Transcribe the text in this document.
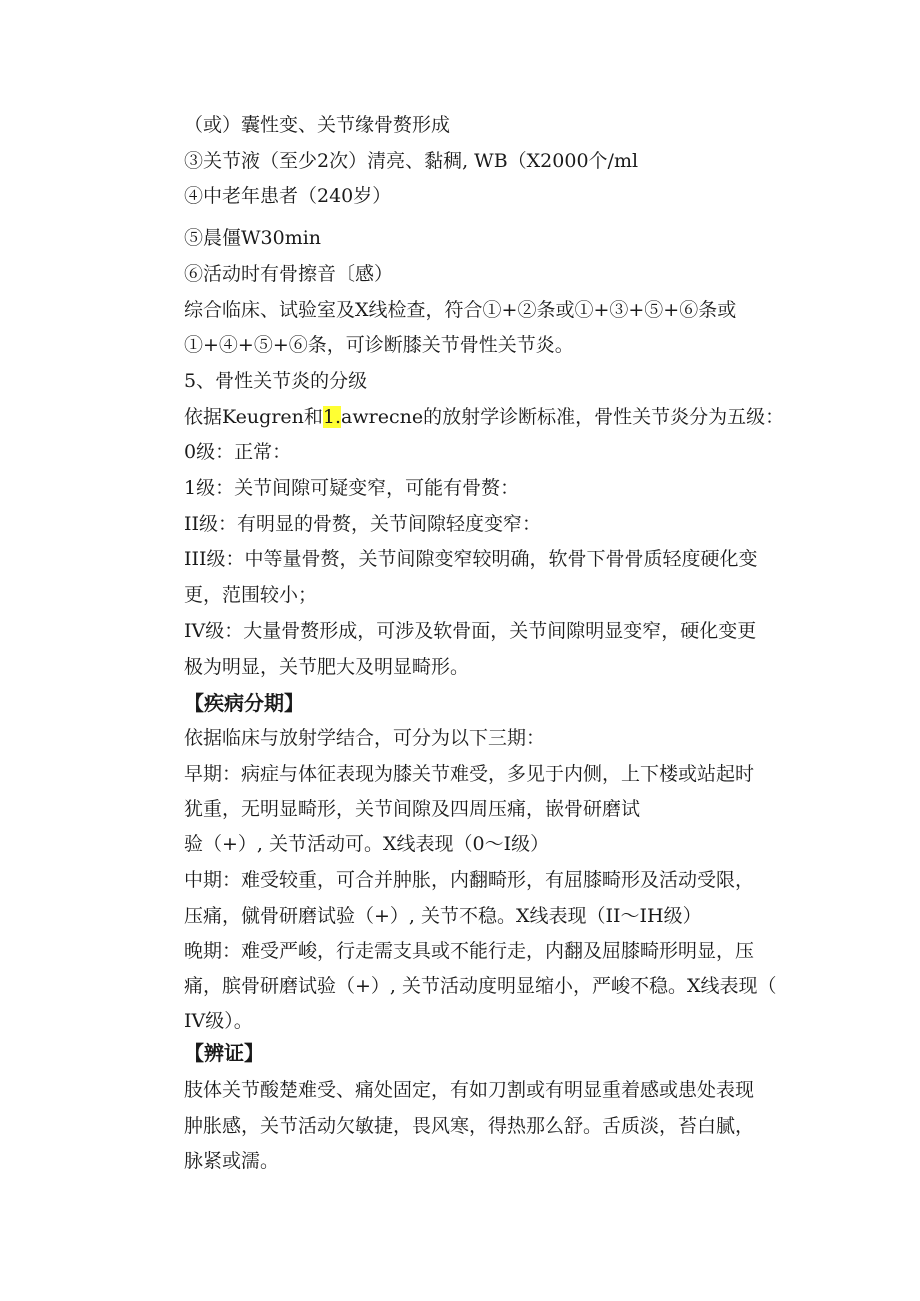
（或）囊性变、关节缘骨赘形成
③关节液（至少2次）清亮、黏稠, WB（X2000个/ml
④中老年患者（240岁）
⑤晨僵W30min
⑥活动时有骨擦音〔感）
综合临床、试验室及X线检查，符合①+②条或①+③+⑤+⑥条或
①+④+⑤+⑥条，可诊断膝关节骨性关节炎。
5、骨性关节炎的分级
依据Keugren和1.awrecne的放射学诊断标准，骨性关节炎分为五级：
0级：正常：
1级：关节间隙可疑变窄，可能有骨赘：
II级：有明显的骨赘，关节间隙轻度变窄：
III级：中等量骨赘，关节间隙变窄较明确，软骨下骨骨质轻度硬化变
更，范围较小；
IV级：大量骨赘形成，可涉及软骨面，关节间隙明显变窄，硬化变更
极为明显，关节肥大及明显畸形。
【疾病分期】
依据临床与放射学结合，可分为以下三期：
早期：病症与体征表现为膝关节难受，多见于内侧，上下楼或站起时
犹重，无明显畸形，关节间隙及四周压痛，嵌骨研磨试
验（+）, 关节活动可。X线表现（0〜I级）
中期：难受较重，可合并肿胀，内翻畸形，有屈膝畸形及活动受限，
压痛，僦骨研磨试验（+）, 关节不稳。X线表现（II〜IH级）
晚期：难受严峻，行走需支具或不能行走，内翻及屈膝畸形明显，压
痛，膑骨研磨试验（+）, 关节活动度明显缩小，严峻不稳。X线表现（
IV级）。
【辨证】
肢体关节酸楚难受、痛处固定，有如刀割或有明显重着感或患处表现
肿胀感，关节活动欠敏捷，畏风寒，得热那么舒。舌质淡，苔白腻，
脉紧或濡。
